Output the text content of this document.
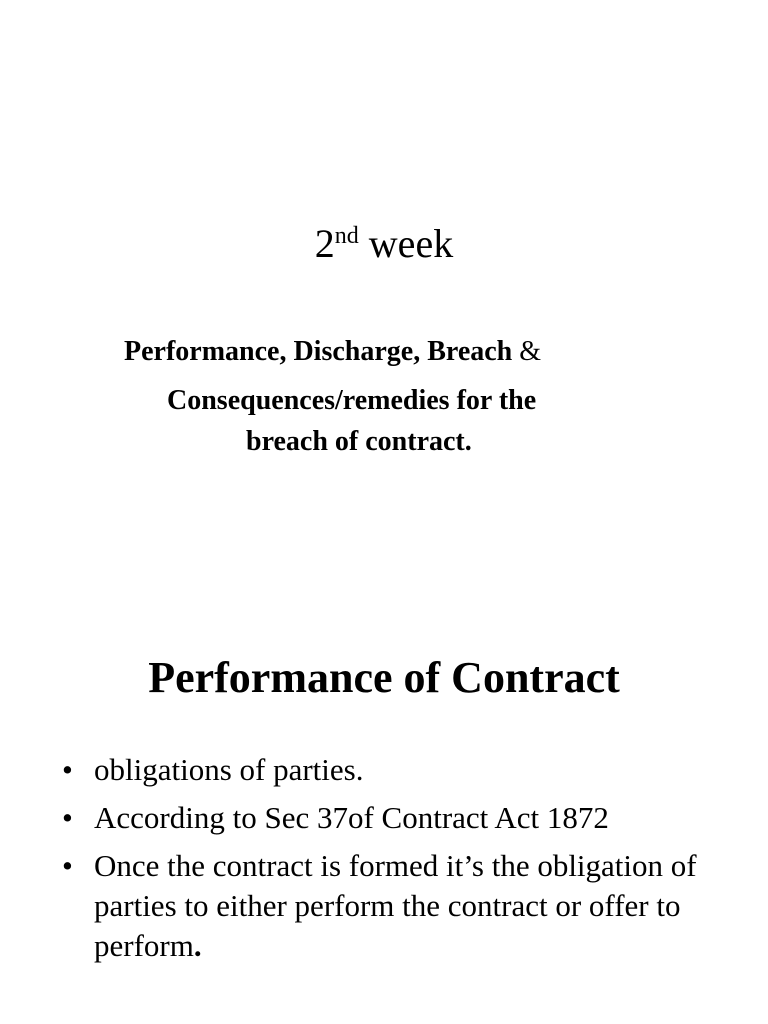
2nd week
Performance, Discharge, Breach &
Consequences/remedies for the
breach of contract.
Performance of Contract
• obligations of parties.
• According to Sec 37of Contract Act 1872
• Once the contract is formed it’s the obligation of parties to either perform the contract or offer to perform.
